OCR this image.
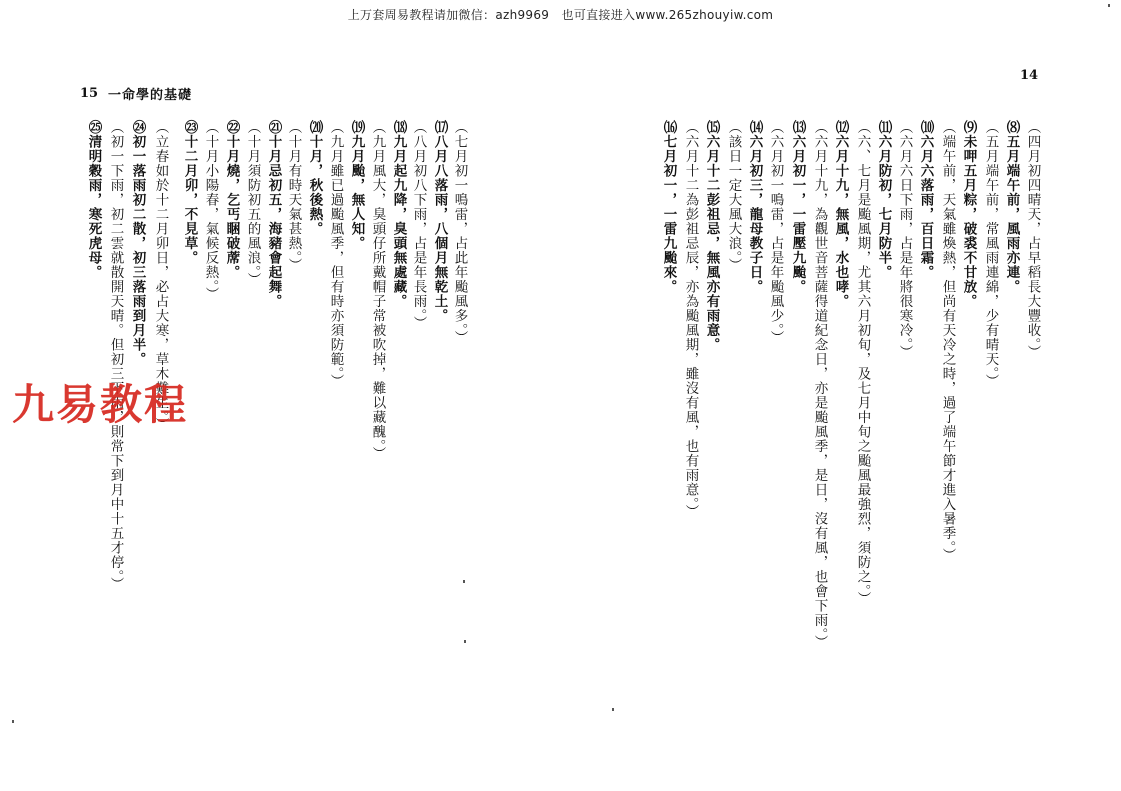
上万套周易教程请加微信：azh9969　也可直接进入www.265zhouyiw.com
15 一命學的基礎
（七月初一鳴雷，占此年颱風多。）
⒄八月八落雨，八個月無乾土。
（八月初八下雨，占是年長雨。）
⒅九月起九降，臭頭無處藏。
（九月風大，臭頭仔所戴帽子常被吹掉，難以藏醜。）
⒆九月颱，無人知。
（九月雖已過颱風季，但有時亦須防範。）
⒇十月，秋後熱。
（十月有時天氣甚熱。）
㉑十月忌初五，海豬會起舞。
（十月須防初五的風浪。）
㉒十月燒，乞丐睏破蓆。
（十月小陽春，氣候反熱。）
㉓十二月卯，不見草。
（立春如於十二月卯日，必占大寒，草木難生。）
㉔初一落雨初二散，初三落雨到月半。
（初一下雨，初二雲就散開天晴。但初三下雨，則常下到月中十五才停。）
㉕清明穀雨，寒死虎母。
14
（四月初四晴天，占早稻長大豐收。）
⑻五月端午前，風雨亦連。
（五月端午前，常風雨連綿，少有晴天。）
⑼未呷五月粽，破裘不甘放。
（端午前，天氣雖煥熱，但尚有天冷之時，過了端午節才進入暑季。）
⑽六月六落雨，百日霜。
（六月六日下雨，占是年將很寒冷。）
⑾六月防初，七月防半。
（六、七月是颱風期，尤其六月初旬，及七月中旬之颱風最強烈，須防之。）
⑿六月十九，無風，水也哮。
（六月十九，為觀世音菩薩得道紀念日，亦是颱風季，是日，沒有風，也會下雨。）
⒀六月初一，一雷壓九颱。
（六月初一鳴雷，占是年颱風少。）
⒁六月初三，龍母教子日。
（該日一定大風大浪。）
⒂六月十二彭祖忌，無風亦有雨意。
（六月十二為彭祖忌辰，亦為颱風期，雖沒有風，也有雨意。）
⒃七月初一，一雷九颱來。
九易教程
